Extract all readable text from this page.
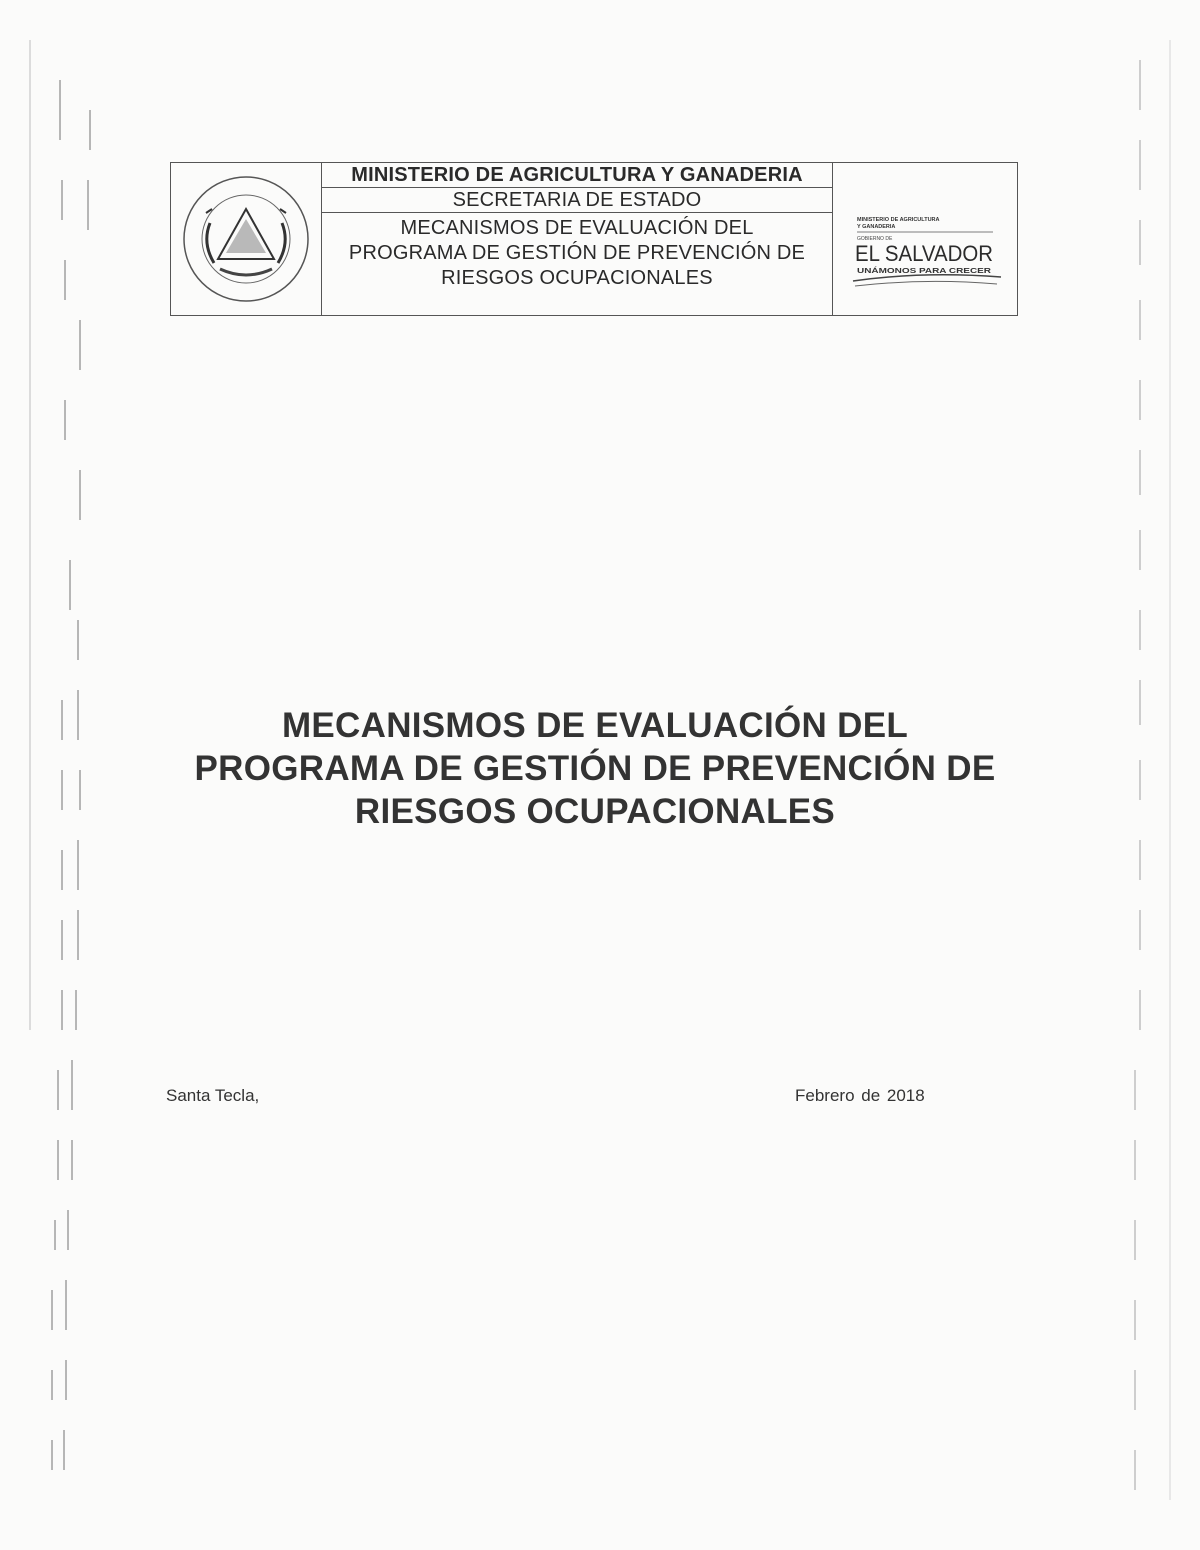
MINISTERIO DE AGRICULTURA Y GANADERIA
SECRETARIA DE ESTADO
MECANISMOS DE EVALUACIÓN DEL
PROGRAMA DE GESTIÓN DE PREVENCIÓN DE
RIESGOS OCUPACIONALES
MINISTERIO DE AGRICULTURA
Y GANADERIA
GOBIERNO DE
EL SALVADOR
UNÁMONOS PARA CRECER
MECANISMOS DE EVALUACIÓN DEL
PROGRAMA DE GESTIÓN DE PREVENCIÓN DE
RIESGOS OCUPACIONALES
Santa Tecla,	Febrero de 2018
